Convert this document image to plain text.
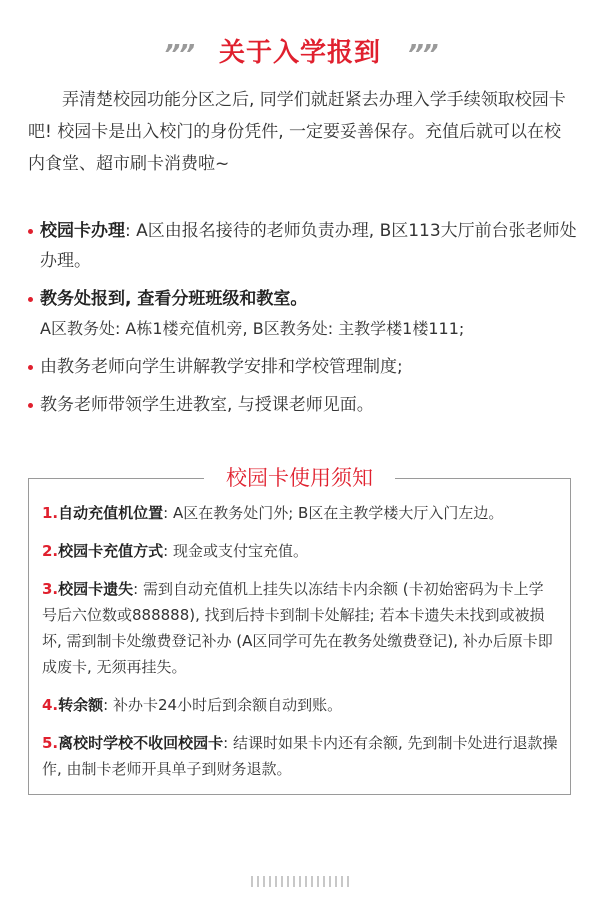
”” 关于入学报到 ””

弄清楚校园功能分区之后, 同学们就赶紧去办理入学手续领取校园卡吧! 校园卡是出入校门的身份凭件, 一定要妥善保存。充值后就可以在校内食堂、超市刷卡消费啦~

校园卡办理: A区由报名接待的老师负责办理, B区113大厅前台张老师处办理。
教务处报到, 查看分班班级和教室。
A区教务处: A栋1楼充值机旁, B区教务处: 主教学楼1楼111;
由教务老师向学生讲解教学安排和学校管理制度;
教务老师带领学生进教室, 与授课老师见面。
校园卡使用须知
1.自动充值机位置: A区在教务处门外; B区在主教学楼大厅入门左边。
2.校园卡充值方式: 现金或支付宝充值。
3.校园卡遗失: 需到自动充值机上挂失以冻结卡内余额 (卡初始密码为卡上学号后六位数或888888), 找到后持卡到制卡处解挂; 若本卡遗失未找到或被损坏, 需到制卡处缴费登记补办 (A区同学可先在教务处缴费登记), 补办后原卡即成废卡, 无须再挂失。
4.转余额: 补办卡24小时后到余额自动到账。
5.离校时学校不收回校园卡: 结课时如果卡内还有余额, 先到制卡处进行退款操作, 由制卡老师开具单子到财务退款。
